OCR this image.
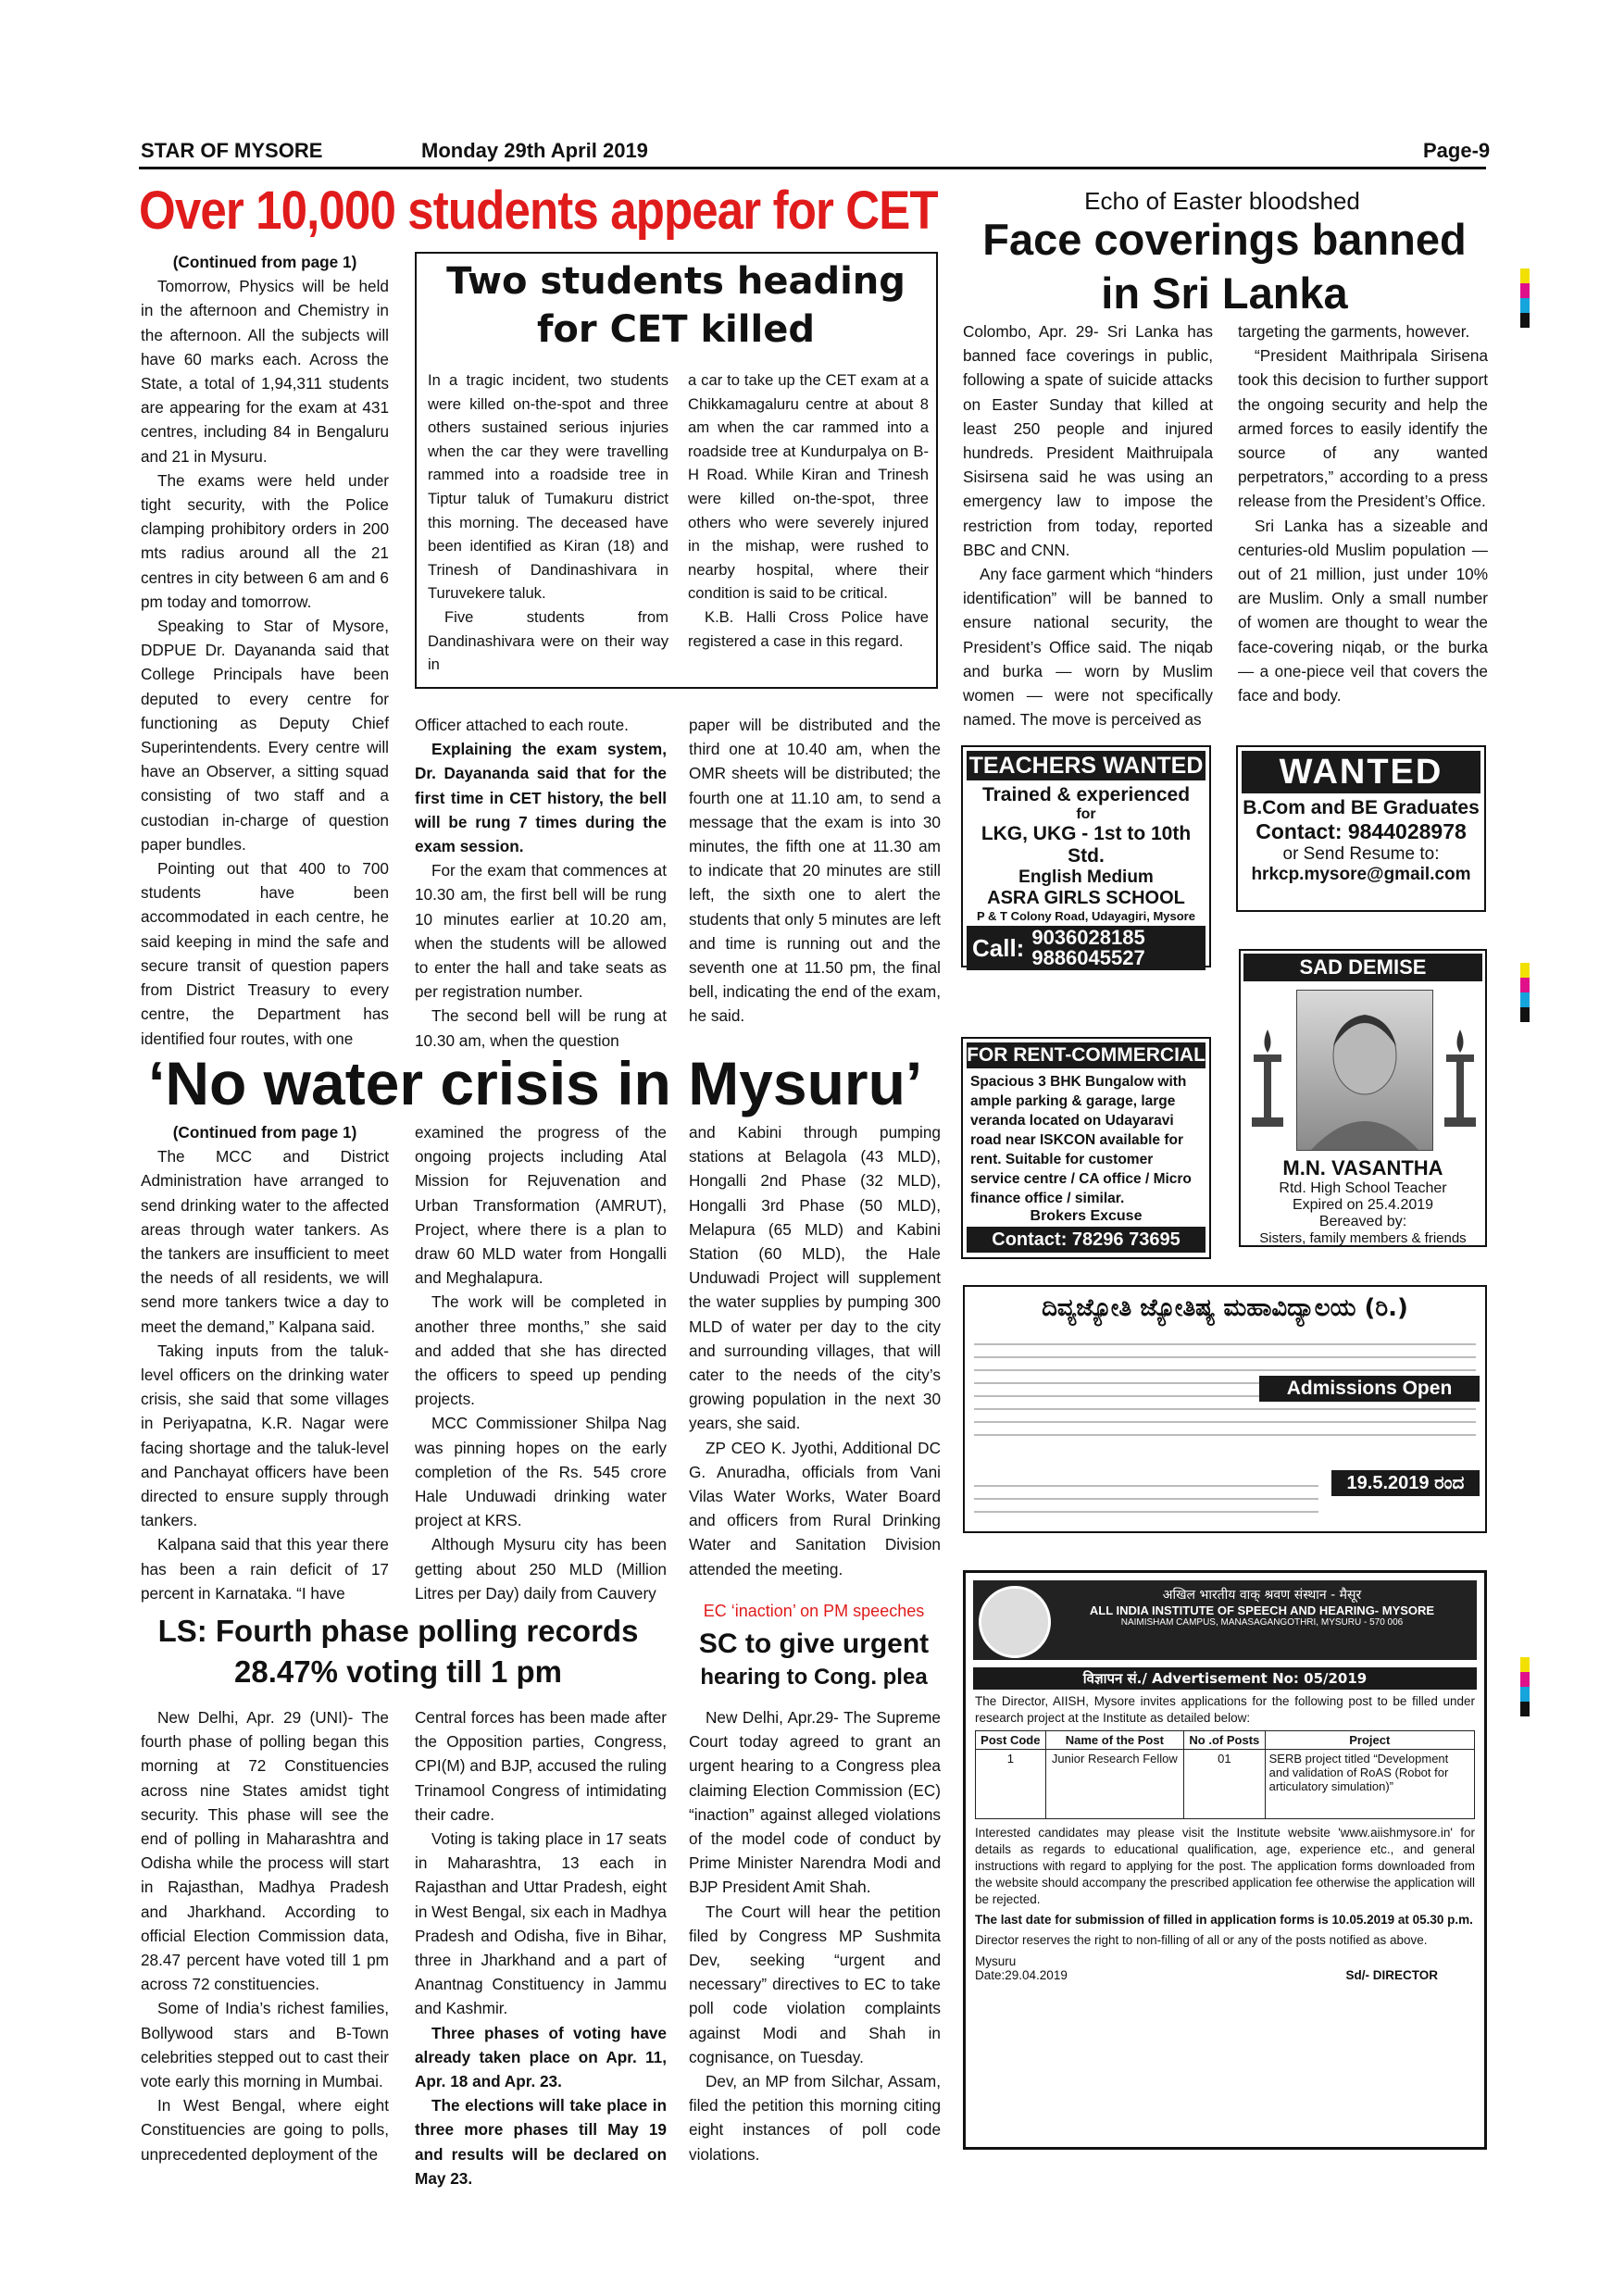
STAR OF MYSORE	Monday 29th April 2019	Page-9
Over 10,000 students appear for CET
(Continued from page 1)

Tomorrow, Physics will be held in the afternoon and Chemistry in the afternoon. All the subjects will have 60 marks each. Across the State, a total of 1,94,311 students are appearing for the exam at 431 centres, including 84 in Bengaluru and 21 in Mysuru.

The exams were held under tight security, with the Police clamping prohibitory orders in 200 mts radius around all the 21 centres in city between 6 am and 6 pm today and tomorrow.

Speaking to Star of Mysore, DDPUE Dr. Dayananda said that College Principals have been deputed to every centre for functioning as Deputy Chief Superintendents. Every centre will have an Observer, a sitting squad consisting of two staff and a custodian in-charge of question paper bundles.

Pointing out that 400 to 700 students have been accommodated in each centre, he said keeping in mind the safe and secure transit of question papers from District Treasury to every centre, the Department has identified four routes, with one

Two students heading for CET killed

In a tragic incident, two students were killed on-the-spot and three others sustained serious injuries when the car they were travelling rammed into a roadside tree in Tiptur taluk of Tumakuru district this morning. The deceased have been identified as Kiran (18) and Trinesh of Dandinashivara in Turuvekere taluk.

Five students from Dandinashivara were on their way in

a car to take up the CET exam at a Chikkamagaluru centre at about 8 am when the car rammed into a roadside tree at Kundurpalya on B-H Road. While Kiran and Trinesh were killed on-the-spot, three others who were severely injured in the mishap, were rushed to nearby hospital, where their condition is said to be critical.

K.B. Halli Cross Police have registered a case in this regard.

Officer attached to each route.

Explaining the exam system, Dr. Dayananda said that for the first time in CET history, the bell will be rung 7 times during the exam session.

For the exam that commences at 10.30 am, the first bell will be rung 10 minutes earlier at 10.20 am, when the students will be allowed to enter the hall and take seats as per registration number.

The second bell will be rung at 10.30 am, when the question

paper will be distributed and the third one at 10.40 am, when the OMR sheets will be distributed; the fourth one at 11.10 am, to send a message that the exam is into 30 minutes, the fifth one at 11.30 am to indicate that 20 minutes are still left, the sixth one to alert the students that only 5 minutes are left and time is running out and the seventh one at 11.50 pm, the final bell, indicating the end of the exam, he said.

Echo of Easter bloodshed
Face coverings banned in Sri Lanka

Colombo, Apr. 29- Sri Lanka has banned face coverings in public, following a spate of suicide attacks on Easter Sunday that killed at least 250 people and injured hundreds. President Maithruipala Sisirsena said he was using an emergency law to impose the restriction from today, reported BBC and CNN.

Any face garment which “hinders identification” will be banned to ensure national security, the President’s Office said. The niqab and burka — worn by Muslim women — were not specifically named. The move is perceived as

targeting the garments, however.

“President Maithripala Sirisena took this decision to further support the ongoing security and help the armed forces to easily identify the source of any wanted perpetrators,” according to a press release from the President’s Office.

Sri Lanka has a sizeable and centuries-old Muslim population — out of 21 million, just under 10% are Muslim. Only a small number of women are thought to wear the face-covering niqab, or the burka — a one-piece veil that covers the face and body.

TEACHERS WANTED
Trained & experienced
for
LKG, UKG - 1st to 10th Std.
English Medium
ASRA GIRLS SCHOOL
P & T Colony Road, Udayagiri, Mysore
Call: 9036028185
9886045527
WANTED
B.Com and BE Graduates
Contact: 9844028978
or Send Resume to:
hrkcp.mysore@gmail.com
SAD DEMISE
M.N. VASANTHA
Rtd. High School Teacher
Expired on 25.4.2019
Bereaved by:
Sisters, family members & friends
FOR RENT-COMMERCIAL
Spacious 3 BHK Bungalow with ample parking & garage, large veranda located on Udayaravi road near ISKCON available for rent. Suitable for customer service centre / CA office / Micro finance office / similar.
Brokers Excuse
Contact: 78296 73695
‘No water crisis in Mysuru’
(Continued from page 1)

The MCC and District Administration have arranged to send drinking water to the affected areas through water tankers. As the tankers are insufficient to meet the needs of all residents, we will send more tankers twice a day to meet the demand,” Kalpana said.

Taking inputs from the taluk-level officers on the drinking water crisis, she said that some villages in Periyapatna, K.R. Nagar were facing shortage and the taluk-level and Panchayat officers have been directed to ensure supply through tankers.

Kalpana said that this year there has been a rain deficit of 17 percent in Karnataka. “I have

examined the progress of the ongoing projects including Atal Mission for Rejuvenation and Urban Transformation (AMRUT), Project, where there is a plan to draw 60 MLD water from Hongalli and Meghalapura.

The work will be completed in another three months,” she said and added that she has directed the officers to speed up pending projects.

MCC Commissioner Shilpa Nag was pinning hopes on the early completion of the Rs. 545 crore Hale Unduwadi drinking water project at KRS.

Although Mysuru city has been getting about 250 MLD (Million Litres per Day) daily from Cauvery

and Kabini through pumping stations at Belagola (43 MLD), Hongalli 2nd Phase (32 MLD), Hongalli 3rd Phase (50 MLD), Melapura (65 MLD) and Kabini Station (60 MLD), the Hale Unduwadi Project will supplement the water supplies by pumping 300 MLD of water per day to the city and surrounding villages, that will cater to the needs of the city’s growing population in the next 30 years, she said.

ZP CEO K. Jyothi, Additional DC G. Anuradha, officials from Vani Vilas Water Works, Water Board and officers from Rural Drinking Water and Sanitation Division attended the meeting.

ದಿವ್ಯಜ್ಯೋತಿ ಜ್ಯೋತಿಷ್ಯ ಮಹಾವಿದ್ಯಾಲಯ (ರಿ.)
Admissions Open
19.5.2019 ರಂದ
अखिल भारतीय वाक् श्रवण संस्थान - मैसूर
ALL INDIA INSTITUTE OF SPEECH AND HEARING- MYSORE
NAIMISHAM CAMPUS, MANASAGANGOTHRI, MYSURU - 570 006
विज्ञापन सं./ Advertisement No: 05/2019
The Director, AIISH, Mysore invites applications for the following post to be filled under research project at the Institute as detailed below:
Post Code	Name of the Post	No .of Posts	Project
1	Junior Research Fellow	01	SERB project titled “Development and validation of RoAS (Robot for articulatory simulation)”
Interested candidates may please visit the Institute website 'www.aiishmysore.in' for details as regards to educational qualification, age, experience etc., and general instructions with regard to applying for the post. The application forms downloaded from the website should accompany the prescribed application fee otherwise the application will be rejected.
The last date for submission of filled in application forms is 10.05.2019 at 05.30 p.m.
Director reserves the right to non-filling of all or any of the posts notified as above.
Mysuru
Date:29.04.2019	Sd/- DIRECTOR
LS: Fourth phase polling records
28.47% voting till 1 pm

New Delhi, Apr. 29 (UNI)- The fourth phase of polling began this morning at 72 Constituencies across nine States amidst tight security. This phase will see the end of polling in Maharashtra and Odisha while the process will start in Rajasthan, Madhya Pradesh and Jharkhand. According to official Election Commission data, 28.47 percent have voted till 1 pm across 72 constituencies.

Some of India’s richest families, Bollywood stars and B-Town celebrities stepped out to cast their vote early this morning in Mumbai.

In West Bengal, where eight Constituencies are going to polls, unprecedented deployment of the

Central forces has been made after the Opposition parties, Congress, CPI(M) and BJP, accused the ruling Trinamool Congress of intimidating their cadre.

Voting is taking place in 17 seats in Maharashtra, 13 each in Rajasthan and Uttar Pradesh, eight in West Bengal, six each in Madhya Pradesh and Odisha, five in Bihar, three in Jharkhand and a part of Anantnag Constituency in Jammu and Kashmir.

Three phases of voting have already taken place on Apr. 11, Apr. 18 and Apr. 23.

The elections will take place in three more phases till May 19 and results will be declared on May 23.

EC ‘inaction’ on PM speeches
SC to give urgent
hearing to Cong. plea

New Delhi, Apr.29- The Supreme Court today agreed to grant an urgent hearing to a Congress plea claiming Election Commission (EC) “inaction” against alleged violations of the model code of conduct by Prime Minister Narendra Modi and BJP President Amit Shah.

The Court will hear the petition filed by Congress MP Sushmita Dev, seeking “urgent and necessary” directives to EC to take poll code violation complaints against Modi and Shah in cognisance, on Tuesday.

Dev, an MP from Silchar, Assam, filed the petition this morning citing eight instances of poll code violations.
